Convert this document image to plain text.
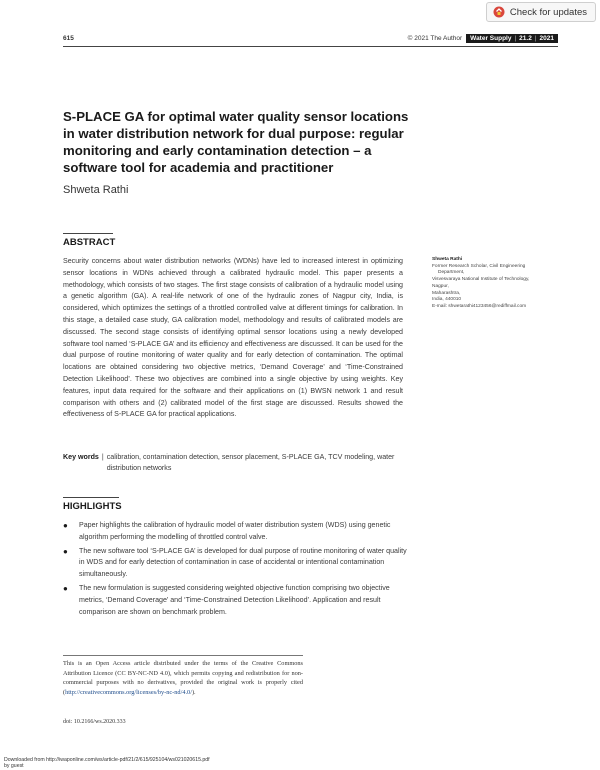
Check for updates
615	© 2021 The Author Water Supply | 21.2 | 2021
S-PLACE GA for optimal water quality sensor locations in water distribution network for dual purpose: regular monitoring and early contamination detection – a software tool for academia and practitioner
Shweta Rathi
ABSTRACT

Security concerns about water distribution networks (WDNs) have led to increased interest in optimizing sensor locations in WDNs achieved through a calibrated hydraulic model. This paper presents a methodology, which consists of two stages. The first stage consists of calibration of a hydraulic model using a genetic algorithm (GA). A real-life network of one of the hydraulic zones of Nagpur city, India, is considered, which optimizes the settings of a throttled controlled valve at different timings for calibration. In this stage, a detailed case study, GA calibration model, methodology and results of calibrated models are discussed. The second stage consists of identifying optimal sensor locations using a newly developed software tool named ‘S-PLACE GA’ and its efficiency and effectiveness are discussed. It can be used for the dual purpose of routine monitoring of water quality and for early detection of contamination. The optimal locations are obtained considering two objective metrics, ‘Demand Coverage’ and ‘Time-Constrained Detection Likelihood’. These two objectives are combined into a single objective by using weights. Key features, input data required for the software and their applications on (1) BWSN network 1 and result comparison with others and (2) calibrated model of the first stage are discussed. Results showed the effectiveness of S-PLACE GA for practical applications.

Key words | calibration, contamination detection, sensor placement, S-PLACE GA, TCV modeling, water distribution networks
Shweta Rathi
Former Research Scholar, Civil Engineering
Department,
Visvesvaraya National Institute of Technology,
Nagpur,
Maharashtra,
India, 440010
E-mail: shwetarathi4123456@rediffmail.com
HIGHLIGHTS
●	Paper highlights the calibration of hydraulic model of water distribution system (WDS) using genetic algorithm performing the modelling of throttled control valve.
●	The new software tool ‘S-PLACE GA’ is developed for dual purpose of routine monitoring of water quality in WDS and for early detection of contamination in case of accidental or intentional contamination simultaneously.
●	The new formulation is suggested considering weighted objective function comprising two objective metrics, ‘Demand Coverage’ and ‘Time-Constrained Detection Likelihood’. Application and result comparison are shown on benchmark problem.

This is an Open Access article distributed under the terms of the Creative Commons Attribution Licence (CC BY-NC-ND 4.0), which permits copying and redistribution for non-commercial purposes with no derivatives, provided the original work is properly cited (http://creativecommons.org/licenses/by-nc-nd/4.0/).

doi: 10.2166/ws.2020.333
Downloaded from http://iwaponline.com/ws/article-pdf/21/2/615/925104/ws021020615.pdf
by guest
